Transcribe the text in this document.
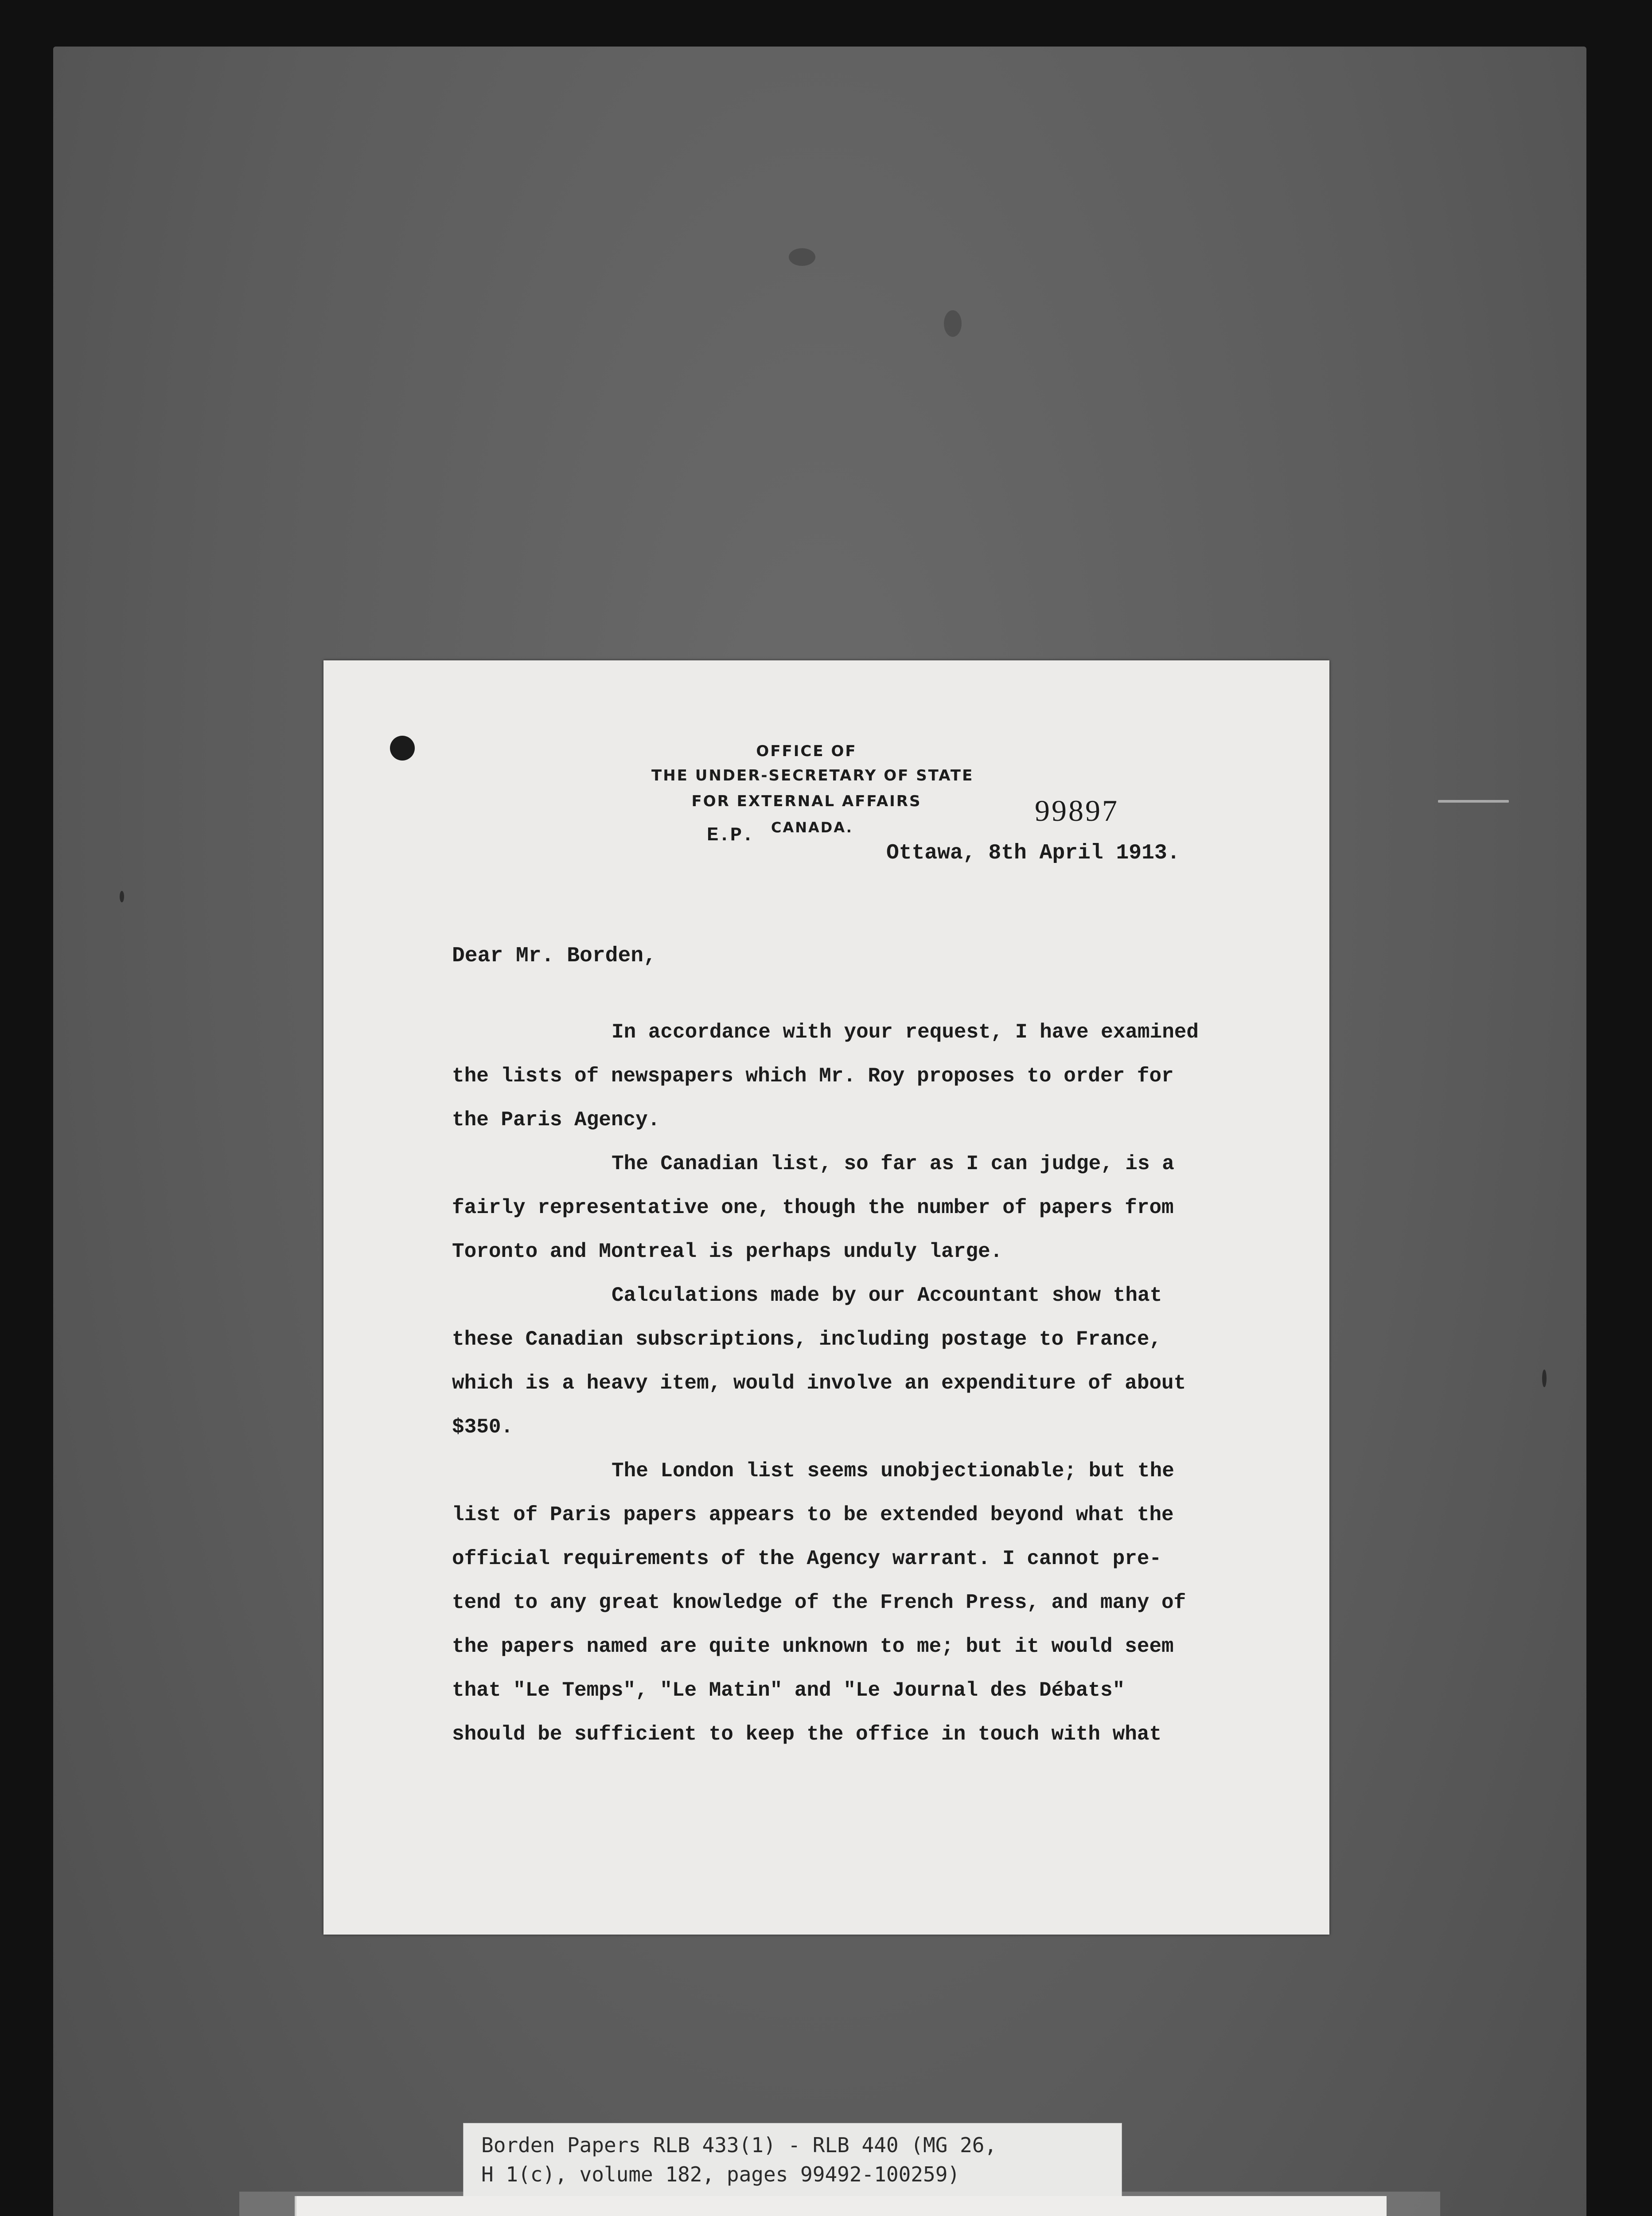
OFFICE OF
THE UNDER-SECRETARY OF STATE
FOR EXTERNAL AFFAIRS
CANADA.
E.P.
99897
Ottawa, 8th April 1913.
Dear Mr. Borden,
In accordance with your request, I have examined
the lists of newspapers which Mr. Roy proposes to order for
the Paris Agency.
The Canadian list, so far as I can judge, is a
fairly representative one, though the number of papers from
Toronto and Montreal is perhaps unduly large.
Calculations made by our Accountant show that
these Canadian subscriptions, including postage to France,
which is a heavy item, would involve an expenditure of about
$350.
The London list seems unobjectionable; but the
list of Paris papers appears to be extended beyond what the
official requirements of the Agency warrant. I cannot pre-
tend to any great knowledge of the French Press, and many of
the papers named are quite unknown to me; but it would seem
that "Le Temps", "Le Matin" and "Le Journal des Débats"
should be sufficient to keep the office in touch with what
Borden Papers RLB 433(1) - RLB 440 (MG 26,
H 1(c), volume 182, pages 99492-100259)
